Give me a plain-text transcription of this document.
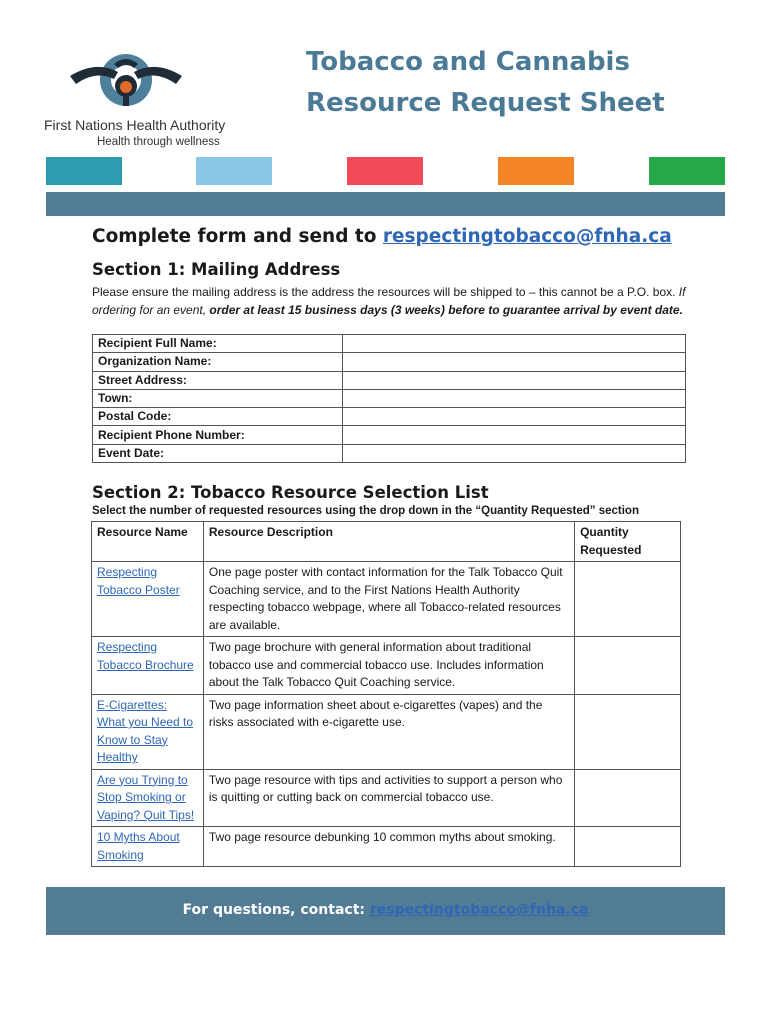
First Nations Health Authority
Health through wellness
Tobacco and Cannabis Resource Request Sheet
Complete form and send to respectingtobacco@fnha.ca
Section 1: Mailing Address
Please ensure the mailing address is the address the resources will be shipped to – this cannot be a P.O. box. If ordering for an event, order at least 15 business days (3 weeks) before to guarantee arrival by event date.
Recipient Full Name:	
Organization Name:	
Street Address:	
Town:	
Postal Code:	
Recipient Phone Number:	
Event Date:	
Section 2: Tobacco Resource Selection List
Select the number of requested resources using the drop down in the “Quantity Requested” section
Resource Name	Resource Description	Quantity Requested
Respecting Tobacco Poster	One page poster with contact information for the Talk Tobacco Quit Coaching service, and to the First Nations Health Authority respecting tobacco webpage, where all Tobacco-related resources are available.	
Respecting Tobacco Brochure	Two page brochure with general information about traditional tobacco use and commercial tobacco use. Includes information about the Talk Tobacco Quit Coaching service.	
E-Cigarettes: What you Need to Know to Stay Healthy	Two page information sheet about e-cigarettes (vapes) and the risks associated with e-cigarette use.	
Are you Trying to Stop Smoking or Vaping? Quit Tips!	Two page resource with tips and activities to support a person who is quitting or cutting back on commercial tobacco use.	
10 Myths About Smoking	Two page resource debunking 10 common myths about smoking.	
For questions, contact: respectingtobacco@fnha.ca
